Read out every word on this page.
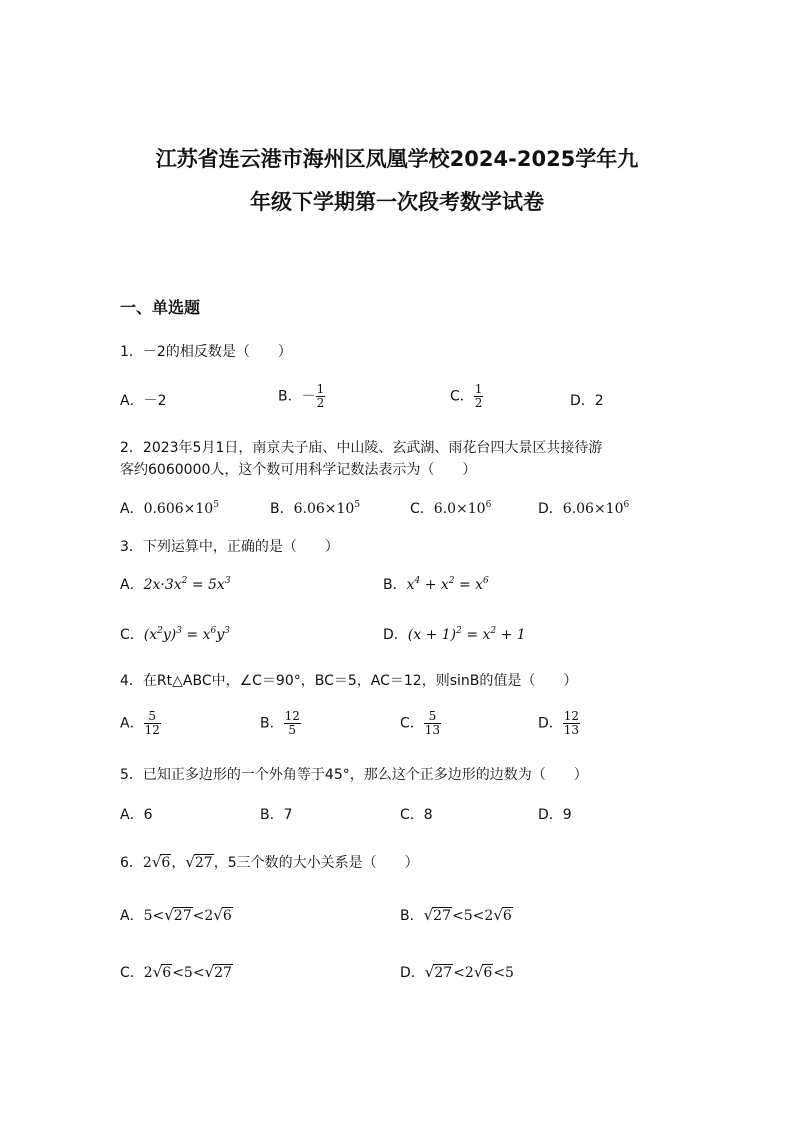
江苏省连云港市海州区凤凰学校2024-2025学年九
年级下学期第一次段考数学试卷
一、单选题
1．－2的相反数是（　　）
A．－2	B．－ $\frac{1}{2}$	C． $\frac{1}{2}$	D．2
2．2023年5月1日，南京夫子庙、中山陵、玄武湖、雨花台四大景区共接待游
客约6060000人，这个数可用科学记数法表示为（　　）
A．$0.606\times 10^5$	B．$6.06\times 10^5$	C．$6.0\times 10^6$	D．$6.06\times 10^6$
3．下列运算中，正确的是（　　）
A．$2x\cdot 3x^2 = 5x^3$	B．$x^4 + x^2 = x^6$
C．$(x^2y)^3 = x^6y^3$	D．$(x + 1)^2 = x^2 + 1$
4．在Rt△ABC中，∠C＝90°，BC＝5，AC＝12，则sinB的值是（　　）
A． $\frac{5}{12}$	B． $\frac{12}{5}$	C． $\frac{5}{13}$	D． $\frac{12}{13}$
5．已知正多边形的一个外角等于45°，那么这个正多边形的边数为（　　）
A．6	B．7	C．8	D．9
6．2√6，√27，5三个数的大小关系是（　　）
A．5<√27<2√6	B．√27<5<2√6
C．2√6<5<√27	D．√27<2√6<5
